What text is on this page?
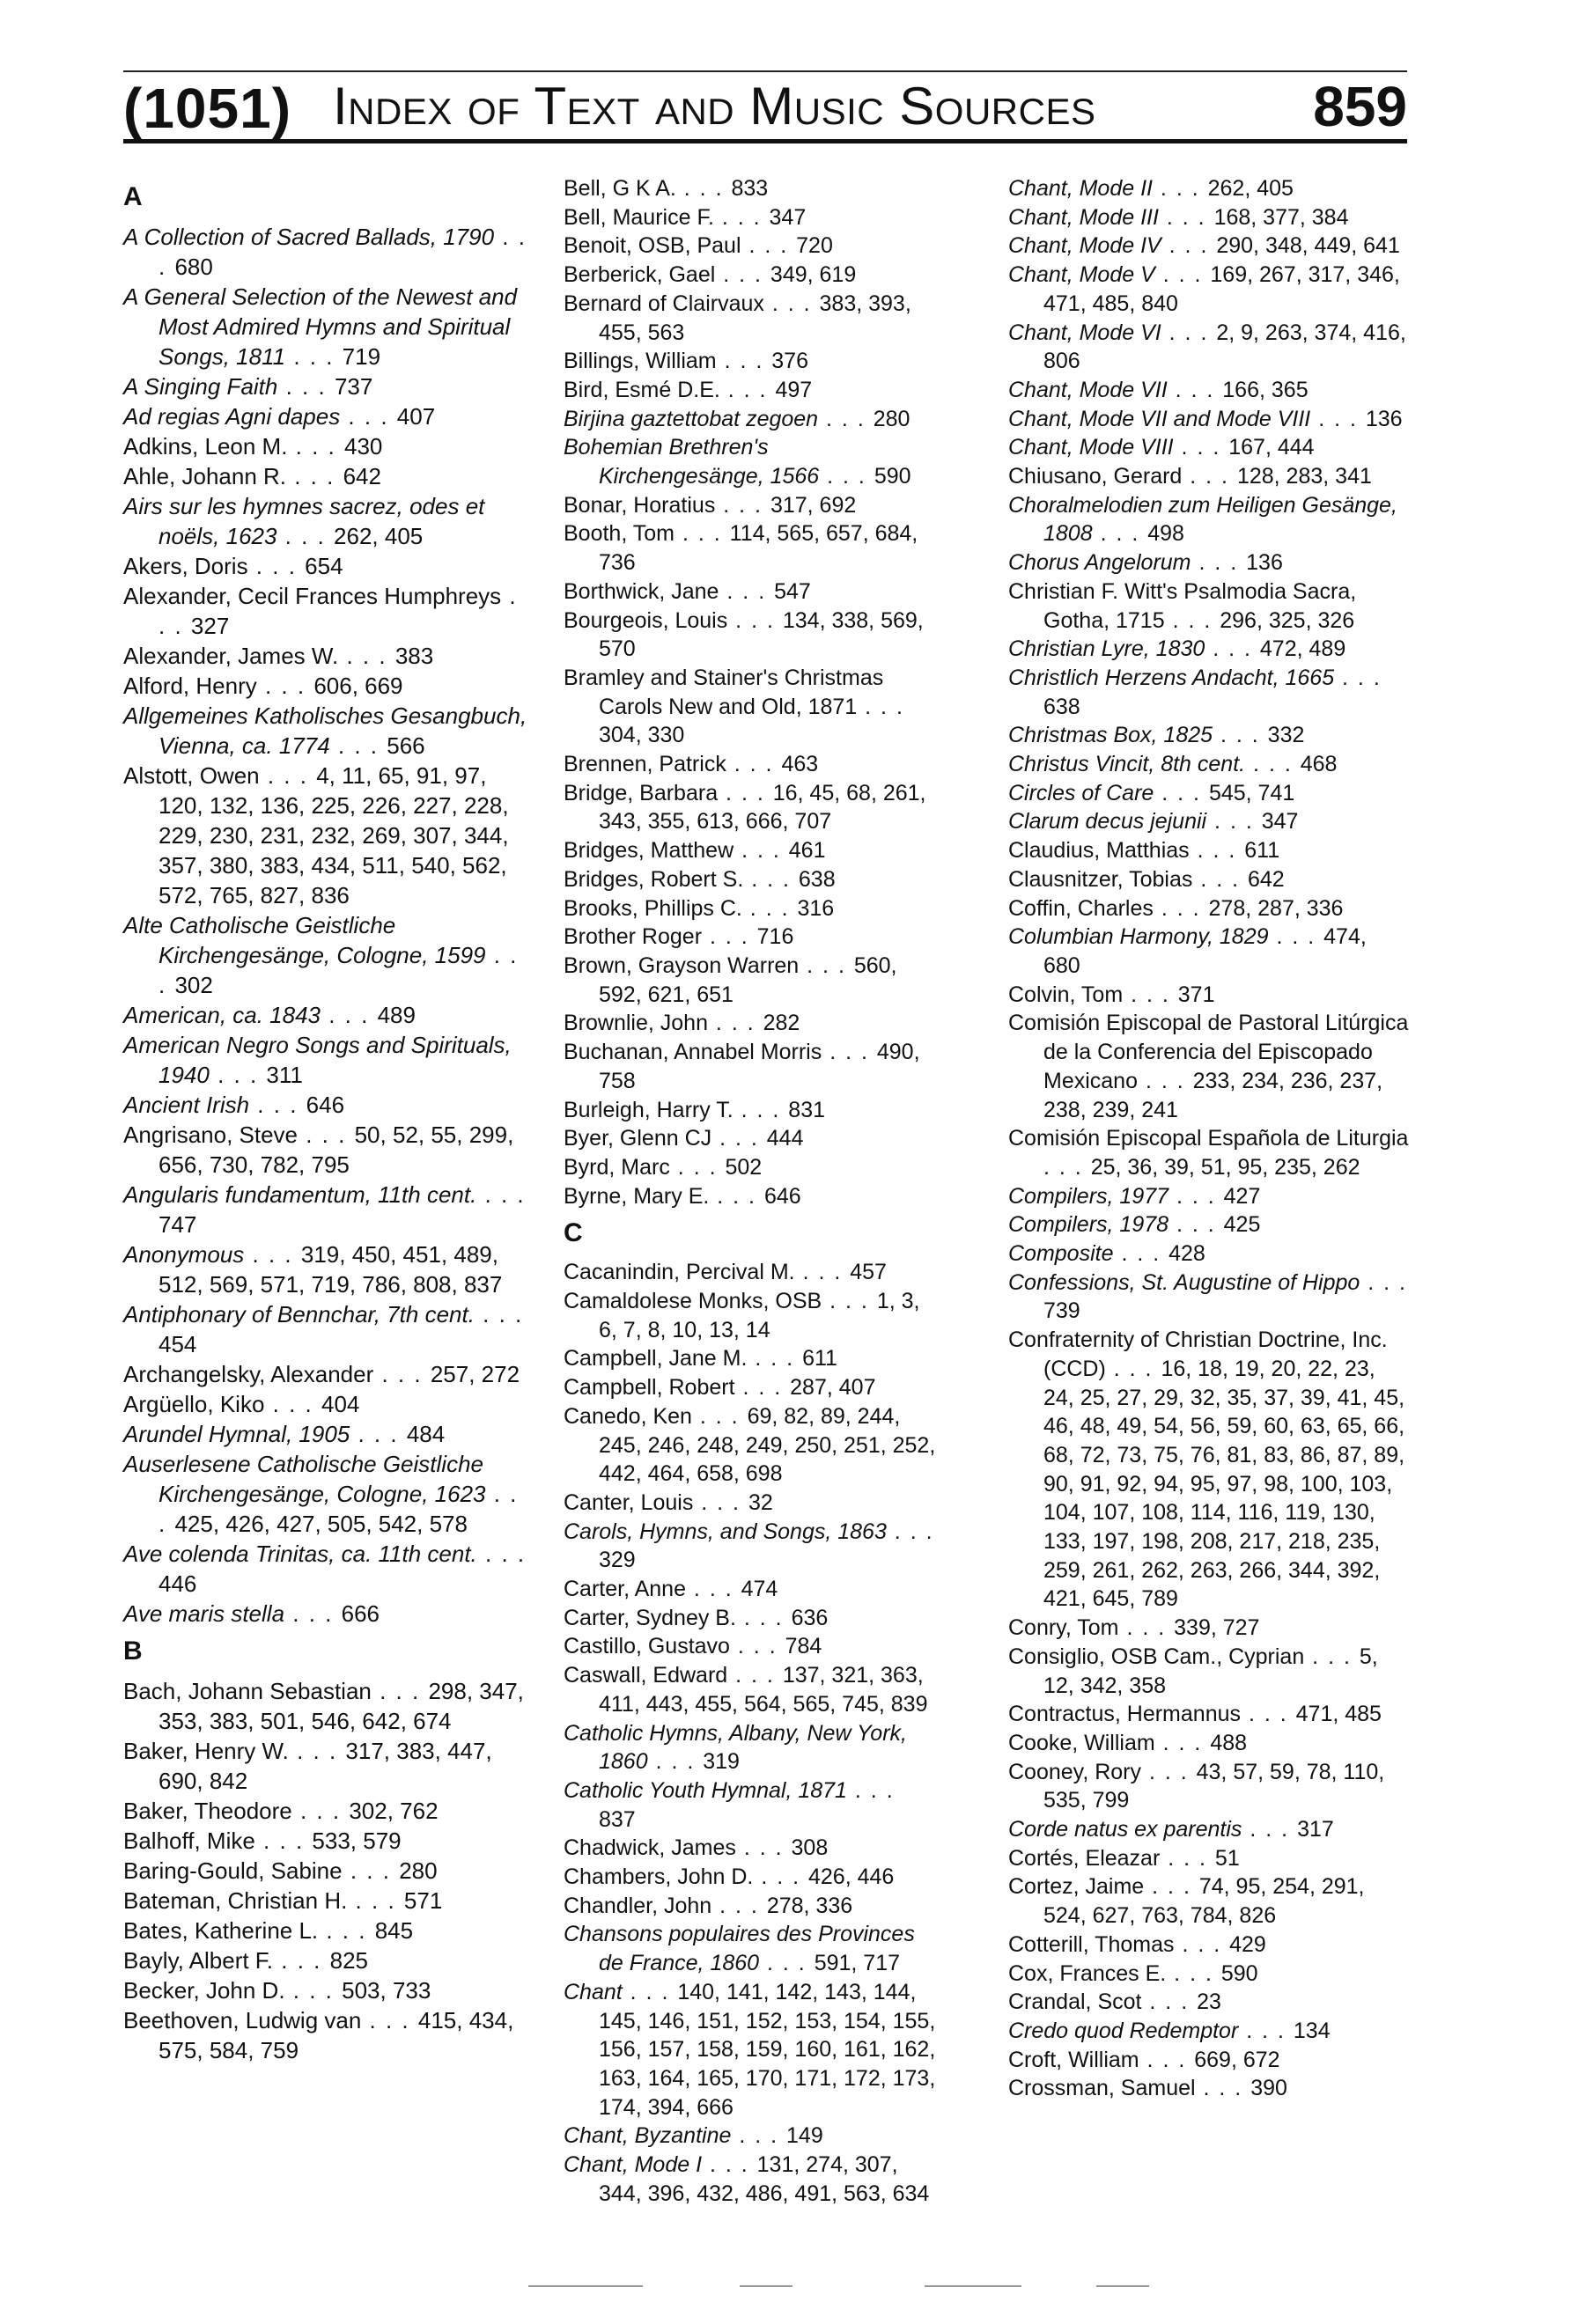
(1051) Index of Text and Music Sources	859
A
A Collection of Sacred Ballads, 1790 . . . 680
A General Selection of the Newest and Most Admired Hymns and Spiritual Songs, 1811 . . . 719
A Singing Faith . . . 737
Ad regias Agni dapes . . . 407
Adkins, Leon M. . . . 430
Ahle, Johann R. . . . 642
Airs sur les hymnes sacrez, odes et noëls, 1623 . . . 262, 405
Akers, Doris . . . 654
Alexander, Cecil Frances Humphreys . . . 327
Alexander, James W. . . . 383
Alford, Henry . . . 606, 669
Allgemeines Katholisches Gesangbuch, Vienna, ca. 1774 . . . 566
Alstott, Owen . . . 4, 11, 65, 91, 97, 120, 132, 136, 225, 226, 227, 228, 229, 230, 231, 232, 269, 307, 344, 357, 380, 383, 434, 511, 540, 562, 572, 765, 827, 836
Alte Catholische Geistliche Kirchengesänge, Cologne, 1599 . . . 302
American, ca. 1843 . . . 489
American Negro Songs and Spirituals, 1940 . . . 311
Ancient Irish . . . 646
Angrisano, Steve . . . 50, 52, 55, 299, 656, 730, 782, 795
Angularis fundamentum, 11th cent. . . . 747
Anonymous . . . 319, 450, 451, 489, 512, 569, 571, 719, 786, 808, 837
Antiphonary of Bennchar, 7th cent. . . . 454
Archangelsky, Alexander . . . 257, 272
Argüello, Kiko . . . 404
Arundel Hymnal, 1905 . . . 484
Auserlesene Catholische Geistliche Kirchengesänge, Cologne, 1623 . . . 425, 426, 427, 505, 542, 578
Ave colenda Trinitas, ca. 11th cent. . . . 446
Ave maris stella . . . 666
B
Bach, Johann Sebastian . . . 298, 347, 353, 383, 501, 546, 642, 674
Baker, Henry W. . . . 317, 383, 447, 690, 842
Baker, Theodore . . . 302, 762
Balhoff, Mike . . . 533, 579
Baring-Gould, Sabine . . . 280
Bateman, Christian H. . . . 571
Bates, Katherine L. . . . 845
Bayly, Albert F. . . . 825
Becker, John D. . . . 503, 733
Beethoven, Ludwig van . . . 415, 434, 575, 584, 759
Bell, G K A. . . . 833
Bell, Maurice F. . . . 347
Benoit, OSB, Paul . . . 720
Berberick, Gael . . . 349, 619
Bernard of Clairvaux . . . 383, 393, 455, 563
Billings, William . . . 376
Bird, Esmé D.E. . . . 497
Birjina gaztettobat zegoen . . . 280
Bohemian Brethren's Kirchengesänge, 1566 . . . 590
Bonar, Horatius . . . 317, 692
Booth, Tom . . . 114, 565, 657, 684, 736
Borthwick, Jane . . . 547
Bourgeois, Louis . . . 134, 338, 569, 570
Bramley and Stainer's Christmas Carols New and Old, 1871 . . . 304, 330
Brennen, Patrick . . . 463
Bridge, Barbara . . . 16, 45, 68, 261, 343, 355, 613, 666, 707
Bridges, Matthew . . . 461
Bridges, Robert S. . . . 638
Brooks, Phillips C. . . . 316
Brother Roger . . . 716
Brown, Grayson Warren . . . 560, 592, 621, 651
Brownlie, John . . . 282
Buchanan, Annabel Morris . . . 490, 758
Burleigh, Harry T. . . . 831
Byer, Glenn CJ . . . 444
Byrd, Marc . . . 502
Byrne, Mary E. . . . 646
C
Cacanindin, Percival M. . . . 457
Camaldolese Monks, OSB . . . 1, 3, 6, 7, 8, 10, 13, 14
Campbell, Jane M. . . . 611
Campbell, Robert . . . 287, 407
Canedo, Ken . . . 69, 82, 89, 244, 245, 246, 248, 249, 250, 251, 252, 442, 464, 658, 698
Canter, Louis . . . 32
Carols, Hymns, and Songs, 1863 . . . 329
Carter, Anne . . . 474
Carter, Sydney B. . . . 636
Castillo, Gustavo . . . 784
Caswall, Edward . . . 137, 321, 363, 411, 443, 455, 564, 565, 745, 839
Catholic Hymns, Albany, New York, 1860 . . . 319
Catholic Youth Hymnal, 1871 . . . 837
Chadwick, James . . . 308
Chambers, John D. . . . 426, 446
Chandler, John . . . 278, 336
Chansons populaires des Provinces de France, 1860 . . . 591, 717
Chant . . . 140, 141, 142, 143, 144, 145, 146, 151, 152, 153, 154, 155, 156, 157, 158, 159, 160, 161, 162, 163, 164, 165, 170, 171, 172, 173, 174, 394, 666
Chant, Byzantine . . . 149
Chant, Mode I . . . 131, 274, 307, 344, 396, 432, 486, 491, 563, 634
Chant, Mode II . . . 262, 405
Chant, Mode III . . . 168, 377, 384
Chant, Mode IV . . . 290, 348, 449, 641
Chant, Mode V . . . 169, 267, 317, 346, 471, 485, 840
Chant, Mode VI . . . 2, 9, 263, 374, 416, 806
Chant, Mode VII . . . 166, 365
Chant, Mode VII and Mode VIII . . . 136
Chant, Mode VIII . . . 167, 444
Chiusano, Gerard . . . 128, 283, 341
Choralmelodien zum Heiligen Gesänge, 1808 . . . 498
Chorus Angelorum . . . 136
Christian F. Witt's Psalmodia Sacra, Gotha, 1715 . . . 296, 325, 326
Christian Lyre, 1830 . . . 472, 489
Christlich Herzens Andacht, 1665 . . . 638
Christmas Box, 1825 . . . 332
Christus Vincit, 8th cent. . . . 468
Circles of Care . . . 545, 741
Clarum decus jejunii . . . 347
Claudius, Matthias . . . 611
Clausnitzer, Tobias . . . 642
Coffin, Charles . . . 278, 287, 336
Columbian Harmony, 1829 . . . 474, 680
Colvin, Tom . . . 371
Comisión Episcopal de Pastoral Litúrgica de la Conferencia del Episcopado Mexicano . . . 233, 234, 236, 237, 238, 239, 241
Comisión Episcopal Española de Liturgia . . . 25, 36, 39, 51, 95, 235, 262
Compilers, 1977 . . . 427
Compilers, 1978 . . . 425
Composite . . . 428
Confessions, St. Augustine of Hippo . . . 739
Confraternity of Christian Doctrine, Inc. (CCD) . . . 16, 18, 19, 20, 22, 23, 24, 25, 27, 29, 32, 35, 37, 39, 41, 45, 46, 48, 49, 54, 56, 59, 60, 63, 65, 66, 68, 72, 73, 75, 76, 81, 83, 86, 87, 89, 90, 91, 92, 94, 95, 97, 98, 100, 103, 104, 107, 108, 114, 116, 119, 130, 133, 197, 198, 208, 217, 218, 235, 259, 261, 262, 263, 266, 344, 392, 421, 645, 789
Conry, Tom . . . 339, 727
Consiglio, OSB Cam., Cyprian . . . 5, 12, 342, 358
Contractus, Hermannus . . . 471, 485
Cooke, William . . . 488
Cooney, Rory . . . 43, 57, 59, 78, 110, 535, 799
Corde natus ex parentis . . . 317
Cortés, Eleazar . . . 51
Cortez, Jaime . . . 74, 95, 254, 291, 524, 627, 763, 784, 826
Cotterill, Thomas . . . 429
Cox, Frances E. . . . 590
Crandal, Scot . . . 23
Credo quod Redemptor . . . 134
Croft, William . . . 669, 672
Crossman, Samuel . . . 390
